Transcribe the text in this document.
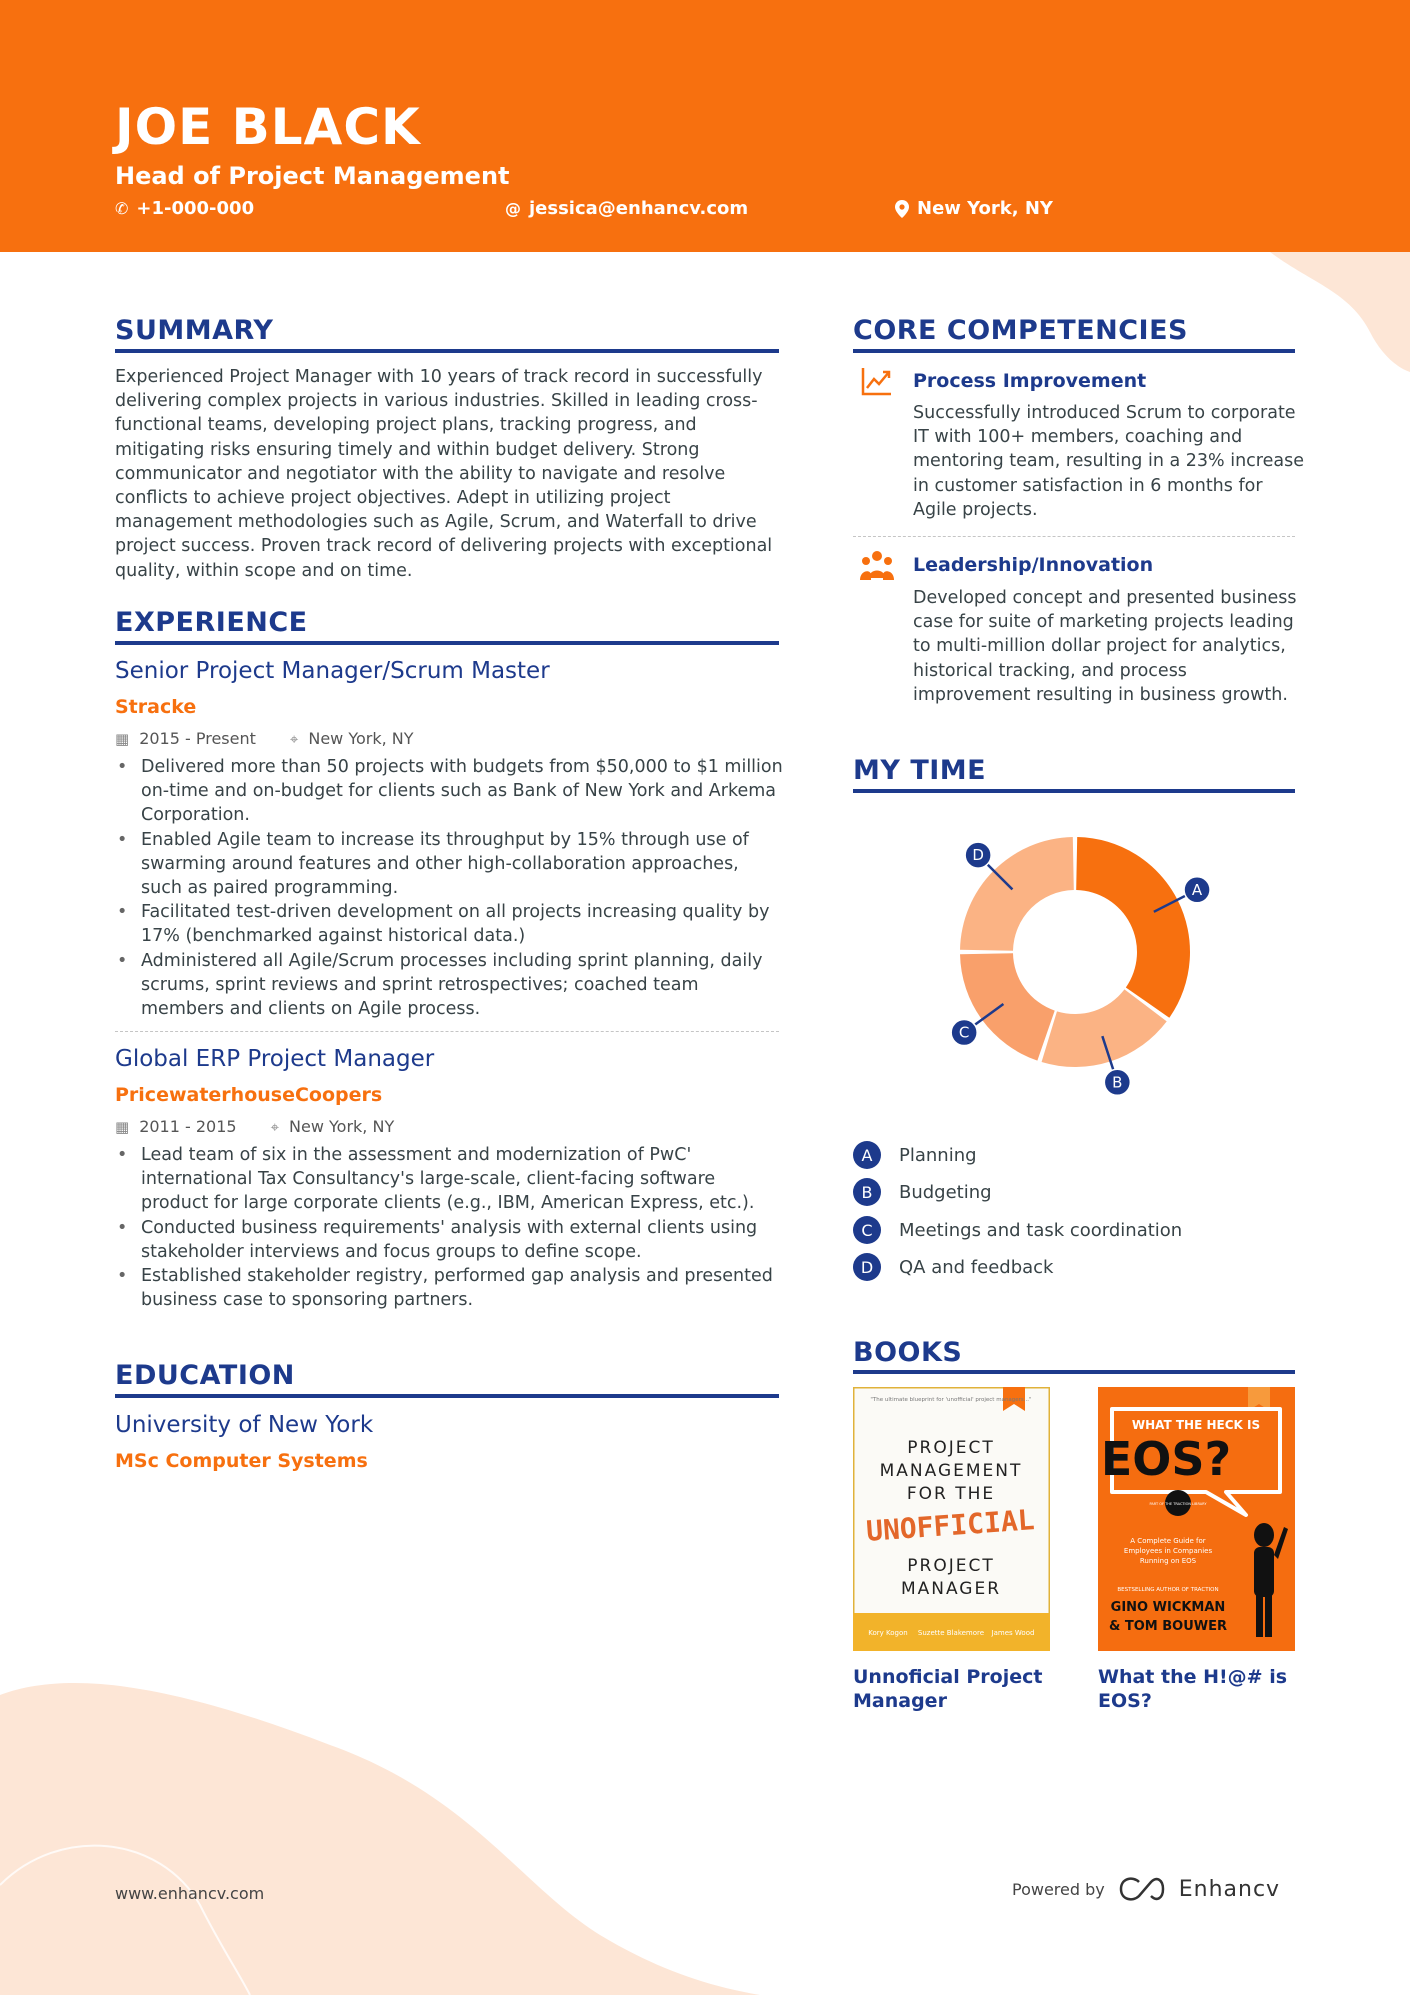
JOE BLACK
Head of Project Management
✆ +1-000-000	@ jessica@enhancv.com	New York, NY
SUMMARY
Experienced Project Manager with 10 years of track record in successfully delivering complex projects in various industries. Skilled in leading cross-functional teams, developing project plans, tracking progress, and mitigating risks ensuring timely and within budget delivery. Strong communicator and negotiator with the ability to navigate and resolve conflicts to achieve project objectives. Adept in utilizing project management methodologies such as Agile, Scrum, and Waterfall to drive project success. Proven track record of delivering projects with exceptional quality, within scope and on time.
EXPERIENCE
Senior Project Manager/Scrum Master
Stracke
▦ 2015 - Present ⌖ New York, NY
• Delivered more than 50 projects with budgets from $50,000 to $1 million on-time and on-budget for clients such as Bank of New York and Arkema Corporation.
• Enabled Agile team to increase its throughput by 15% through use of swarming around features and other high-collaboration approaches, such as paired programming.
• Facilitated test-driven development on all projects increasing quality by 17% (benchmarked against historical data.)
• Administered all Agile/Scrum processes including sprint planning, daily scrums, sprint reviews and sprint retrospectives; coached team members and clients on Agile process.
Global ERP Project Manager
PricewaterhouseCoopers
▦ 2011 - 2015 ⌖ New York, NY
• Lead team of six in the assessment and modernization of PwC' international Tax Consultancy's large-scale, client-facing software product for large corporate clients (e.g., IBM, American Express, etc.).
• Conducted business requirements' analysis with external clients using stakeholder interviews and focus groups to define scope.
• Established stakeholder registry, performed gap analysis and presented business case to sponsoring partners.
EDUCATION
University of New York
MSc Computer Systems
CORE COMPETENCIES
Process Improvement
Successfully introduced Scrum to corporate IT with 100+ members, coaching and mentoring team, resulting in a 23% increase in customer satisfaction in 6 months for Agile projects.
Leadership/Innovation
Developed concept and presented business case for suite of marketing projects leading to multi-million dollar project for analytics, historical tracking, and process improvement resulting in business growth.
MY TIME
A
B
C
D
A	Planning
B	Budgeting
C	Meetings and task coordination
D	QA and feedback
BOOKS
"The ultimate blueprint for 'unofficial' project managers..."
PROJECT
MANAGEMENT
FOR THE
PROJECT
MANAGER
UNOFFICIAL
Kory Kogon Suzette Blakemore James Wood
WHAT THE HECK IS
EOS?
PART OF THE TRACTION LIBRARY
A Complete Guide for
Employees in Companies
Running on EOS
BESTSELLING AUTHOR OF TRACTION
GINO WICKMAN
& TOM BOUWER
Unnoficial Project Manager
What the H!@# is EOS?
www.enhancv.com	Powered by	Enhancv
